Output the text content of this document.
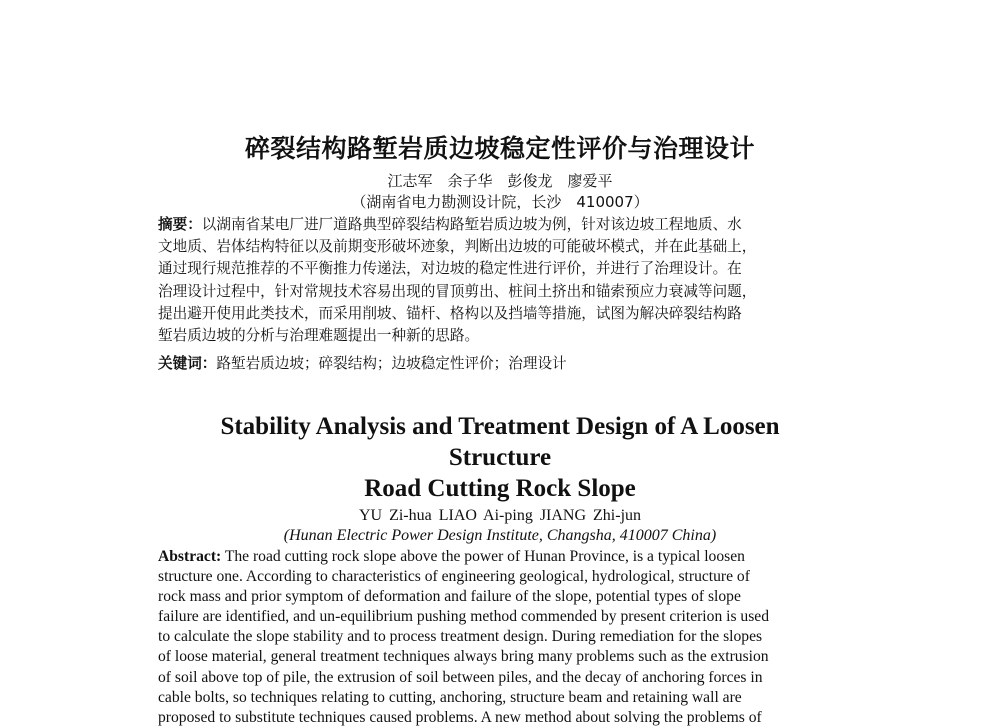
碎裂结构路堑岩质边坡稳定性评价与治理设计
江志军　余子华　彭俊龙　廖爱平
（湖南省电力勘测设计院，长沙　410007）
摘要：以湖南省某电厂进厂道路典型碎裂结构路堑岩质边坡为例，针对该边坡工程地质、水
文地质、岩体结构特征以及前期变形破坏迹象，判断出边坡的可能破坏模式，并在此基础上，
通过现行规范推荐的不平衡推力传递法，对边坡的稳定性进行评价，并进行了治理设计。在
治理设计过程中，针对常规技术容易出现的冒顶剪出、桩间土挤出和锚索预应力衰减等问题，
提出避开使用此类技术，而采用削坡、锚杆、格构以及挡墙等措施，试图为解决碎裂结构路
堑岩质边坡的分析与治理难题提出一种新的思路。
关键词：路堑岩质边坡；碎裂结构；边坡稳定性评价；治理设计
Stability Analysis and Treatment Design of A Loosen
Structure
Road Cutting Rock Slope
YU Zi-hua LIAO Ai-ping JIANG Zhi-jun
(Hunan Electric Power Design Institute, Changsha, 410007 China)
Abstract: The road cutting rock slope above the power of Hunan Province, is a typical loosen
structure one. According to characteristics of engineering geological, hydrological, structure of
rock mass and prior symptom of deformation and failure of the slope, potential types of slope
failure are identified, and un-equilibrium pushing method commended by present criterion is used
to calculate the slope stability and to process treatment design. During remediation for the slopes
of loose material, general treatment techniques always bring many problems such as the extrusion
of soil above top of pile, the extrusion of soil between piles, and the decay of anchoring forces in
cable bolts, so techniques relating to cutting, anchoring, structure beam and retaining wall are
proposed to substitute techniques caused problems. A new method about solving the problems of
